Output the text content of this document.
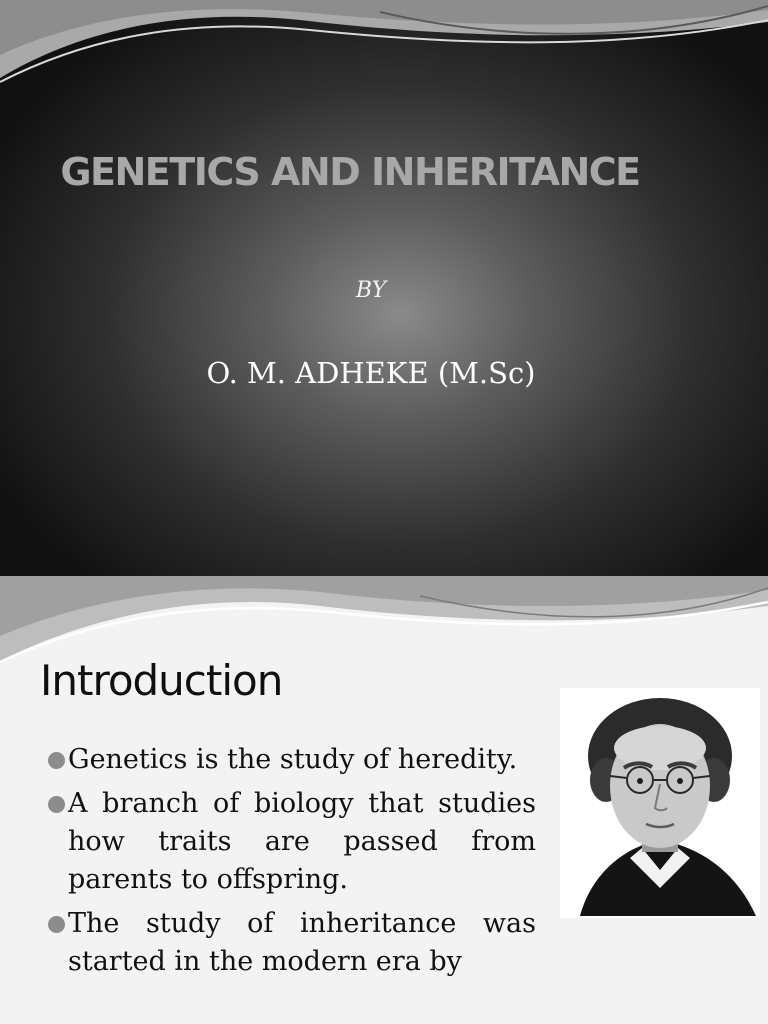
GENETICS AND INHERITANCE
BY
O. M. ADHEKE (M.Sc)
Introduction
Genetics is the study of heredity.
A branch of biology that studies how traits are passed from parents to offspring.
The study of inheritance was started in the modern era by
